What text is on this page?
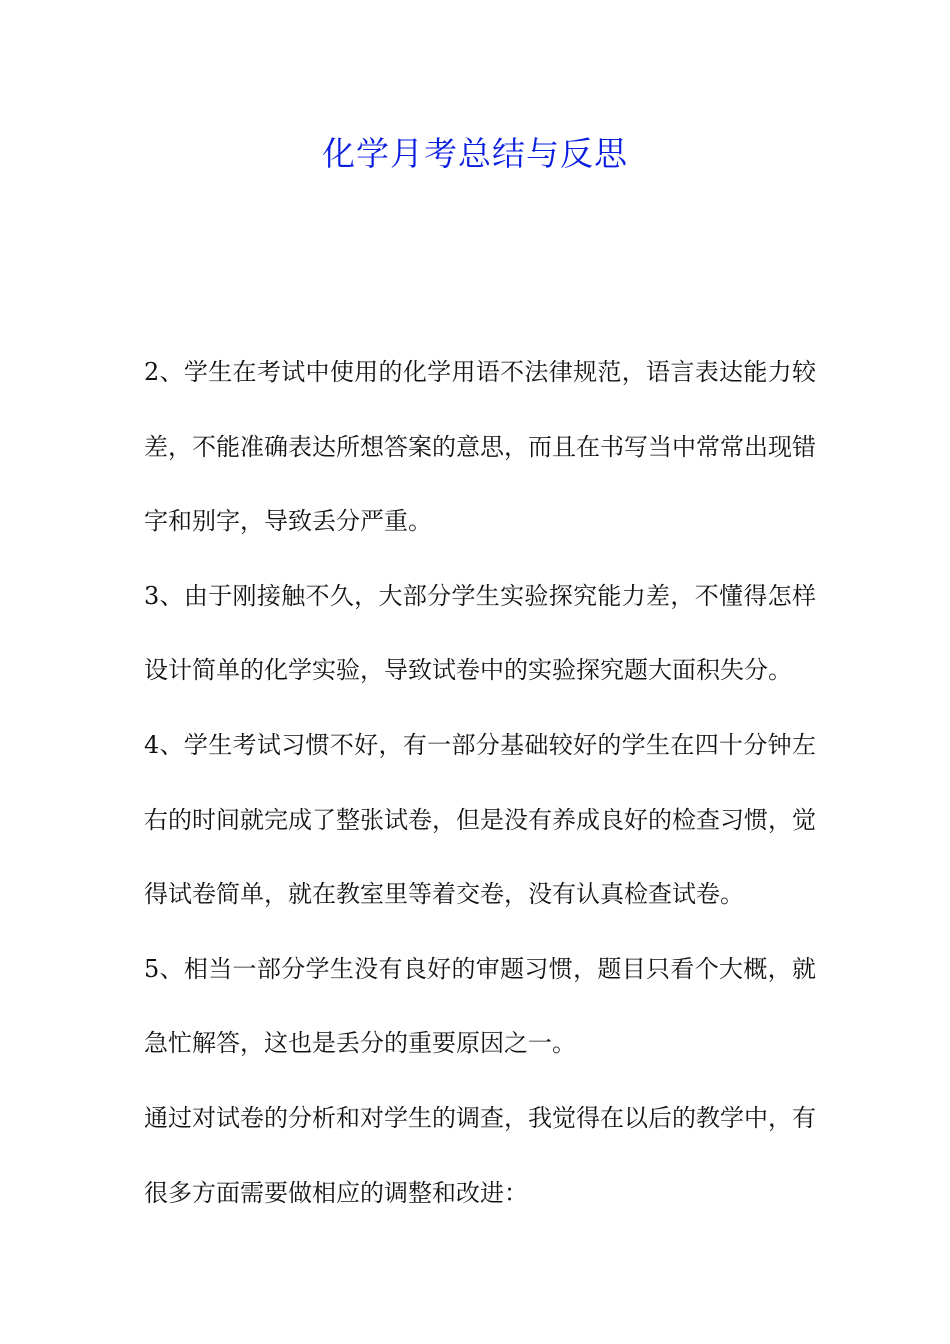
化学月考总结与反思

2、学生在考试中使用的化学用语不法律规范，语言表达能力较差，不能准确表达所想答案的意思，而且在书写当中常常出现错字和别字，导致丢分严重。

3、由于刚接触不久，大部分学生实验探究能力差，不懂得怎样设计简单的化学实验，导致试卷中的实验探究题大面积失分。

4、学生考试习惯不好，有一部分基础较好的学生在四十分钟左右的时间就完成了整张试卷，但是没有养成良好的检查习惯，觉得试卷简单，就在教室里等着交卷，没有认真检查试卷。

5、相当一部分学生没有良好的审题习惯，题目只看个大概，就急忙解答，这也是丢分的重要原因之一。

通过对试卷的分析和对学生的调查，我觉得在以后的教学中，有很多方面需要做相应的调整和改进：
